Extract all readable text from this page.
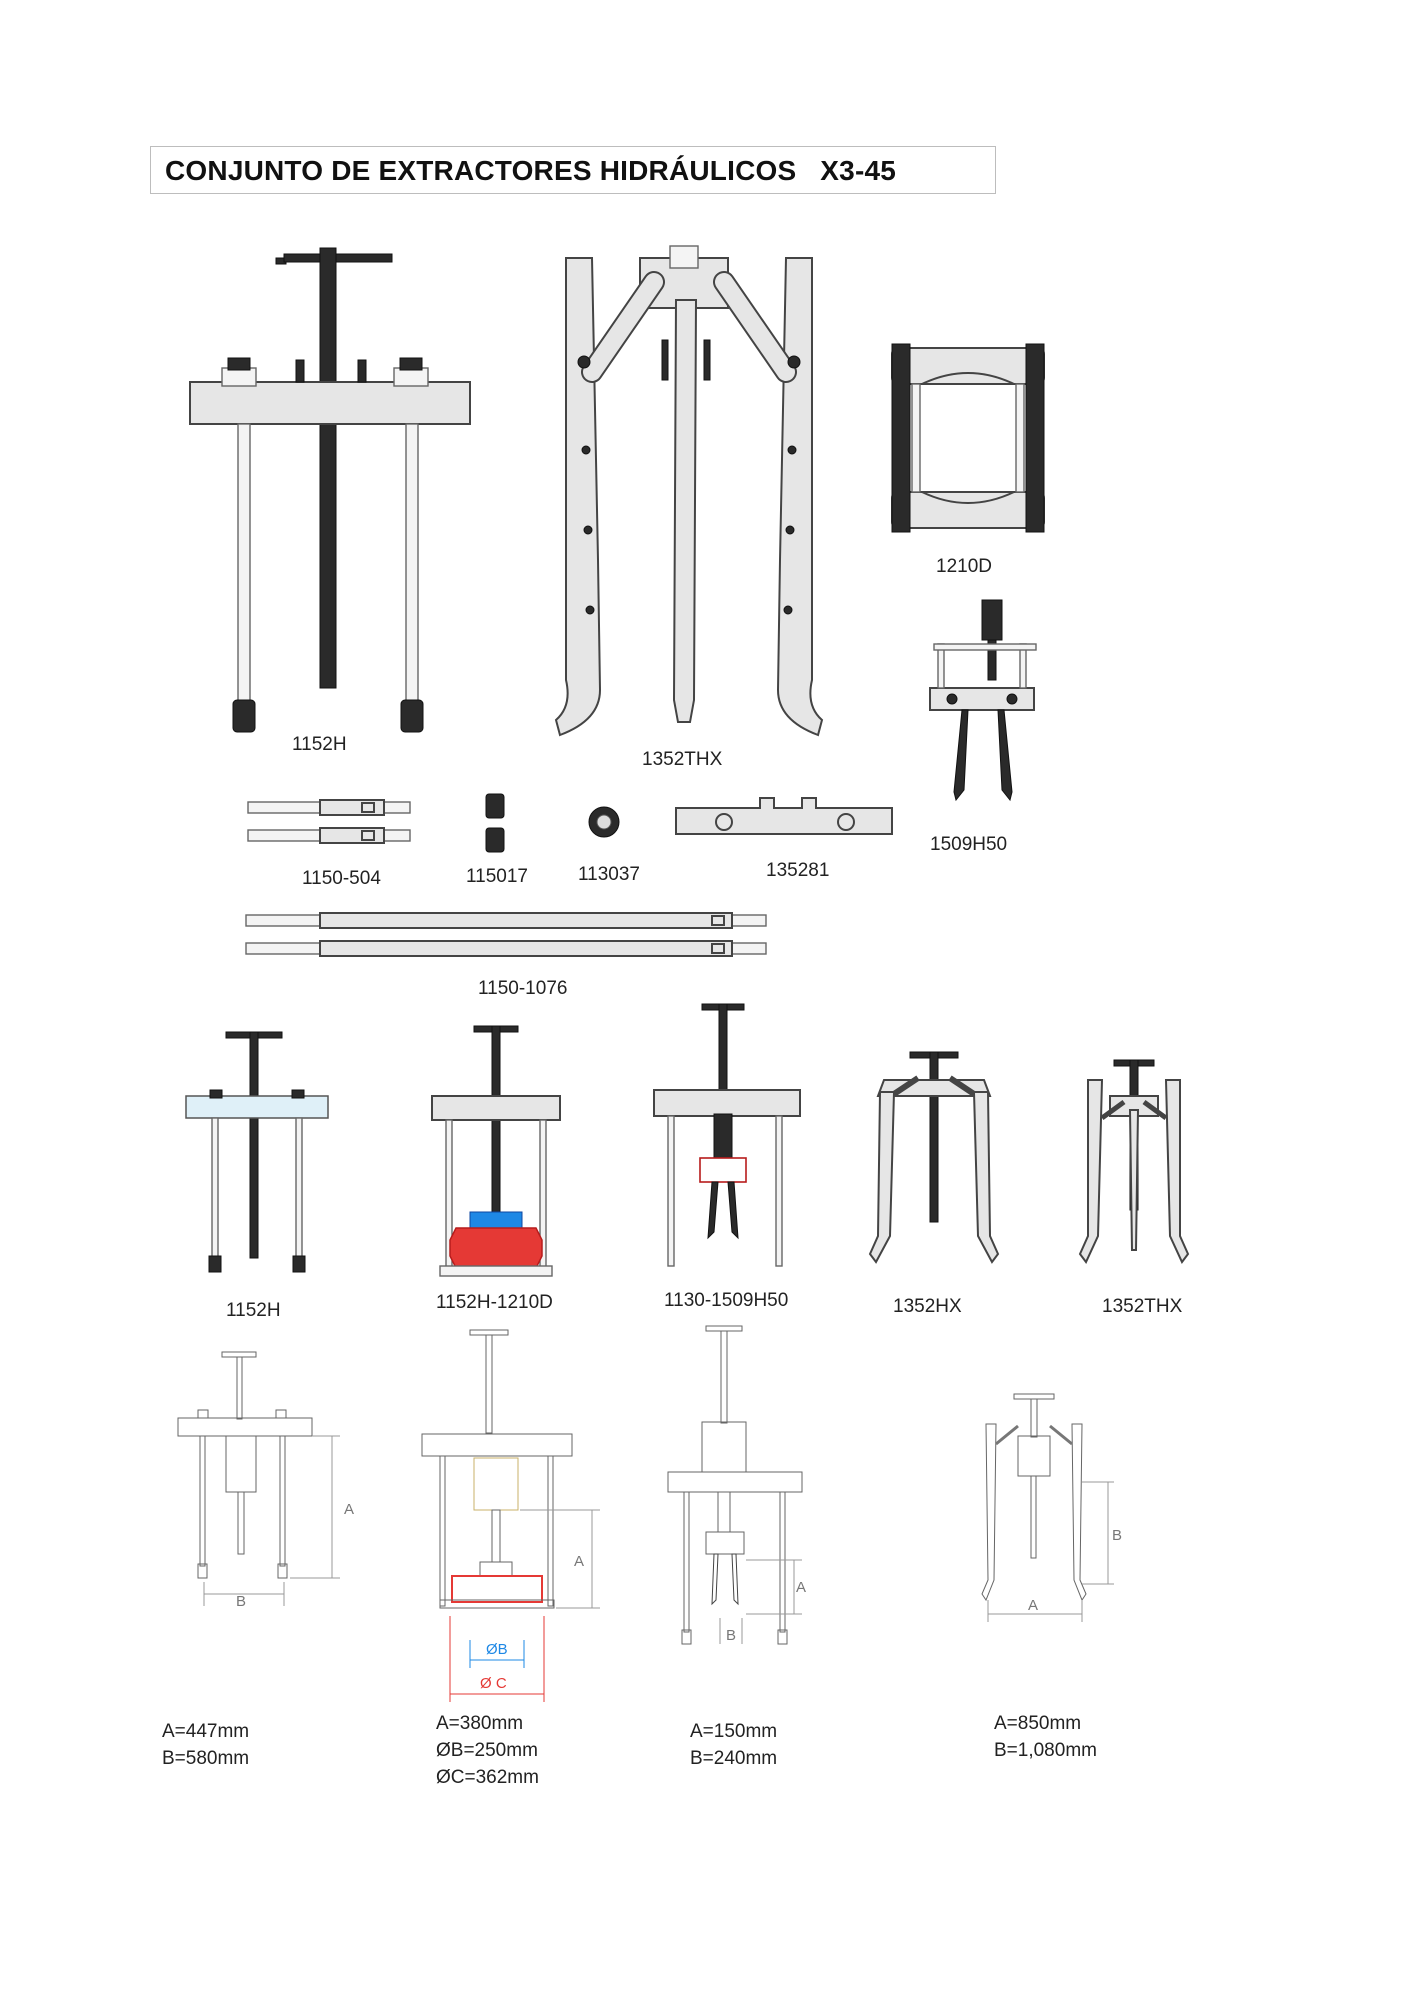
CONJUNTO DE EXTRACTORES HIDRÁULICOS   X3-45
B
A
A
ØB
Ø C
A
B
A
B
1152H
1352THX
1210D
1509H50
1150-504	115017	113037	135281
1150-1076
1152H	1152H-1210D	1130-1509H50	1352HX	1352THX
A=447mm
B=580mm
A=380mm
ØB=250mm
ØC=362mm
A=150mm
B=240mm
A=850mm
B=1,080mm
